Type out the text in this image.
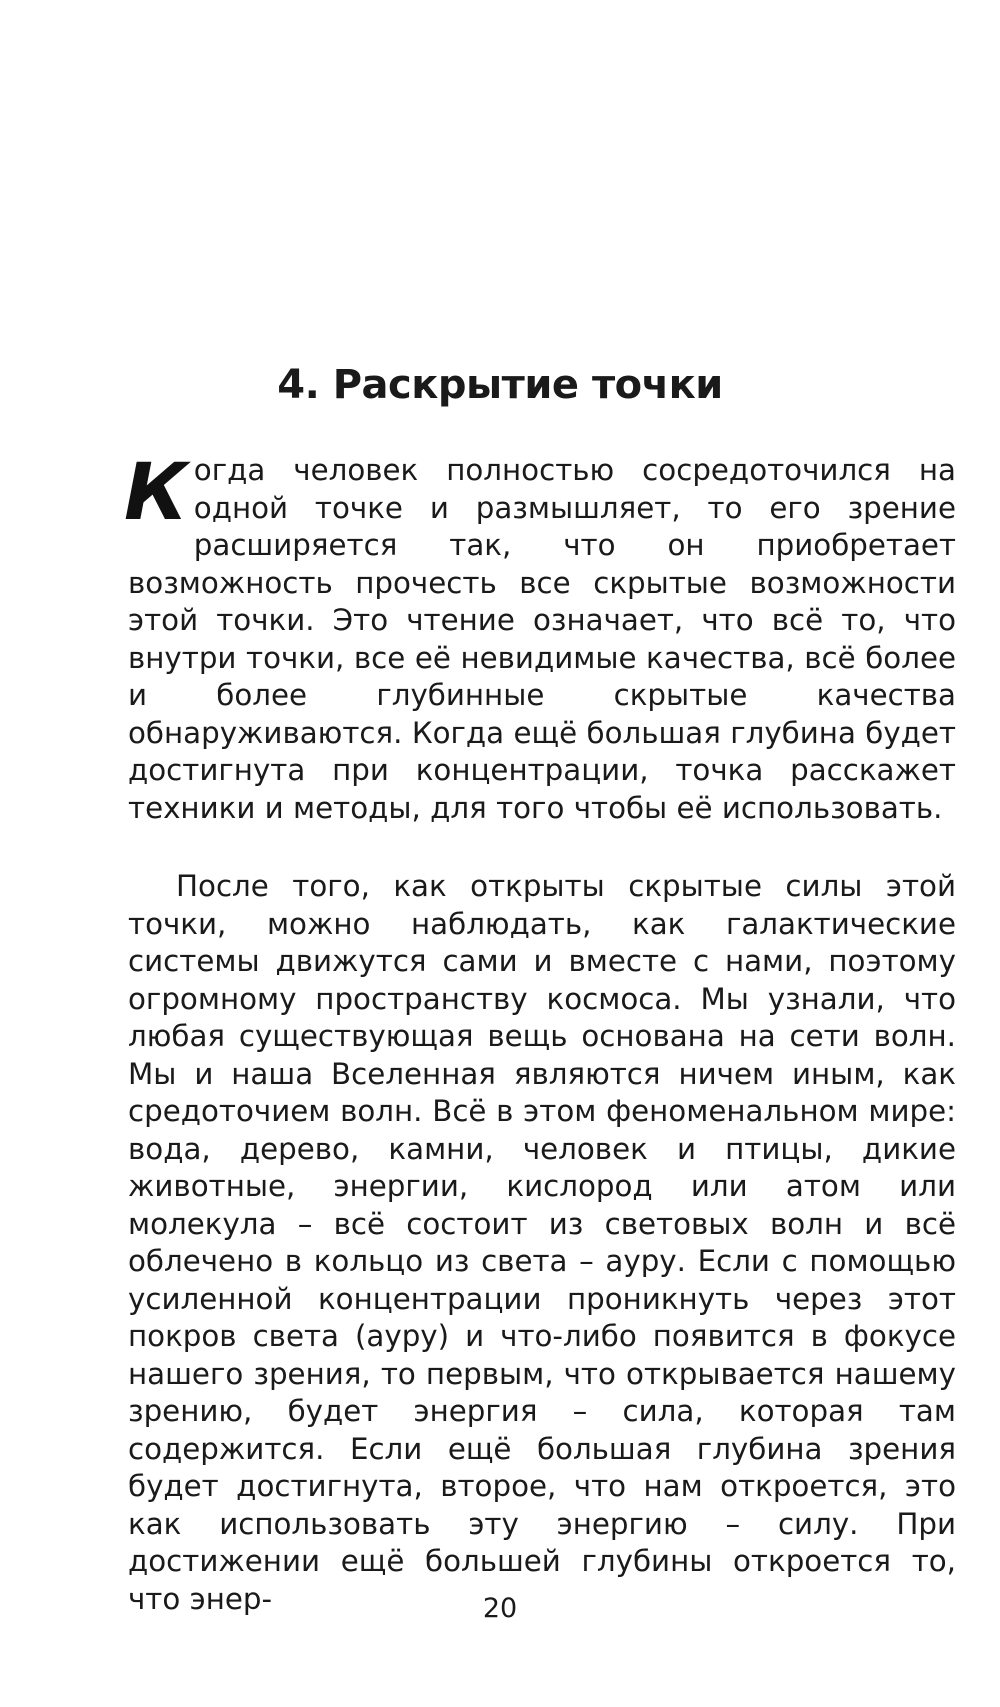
4. Раскрытие точки

Когда человек полностью сосредоточился на одной точке и размышляет, то его зрение расширяется так, что он приобретает возможность прочесть все скрытые возможности этой точки. Это чтение означает, что всё то, что внутри точки, все её невидимые качества, всё более и более глубинные скрытые качества обнаруживаются. Когда ещё большая глубина будет достигнута при концентрации, точка расскажет техники и методы, для того чтобы её использовать.

После того, как открыты скрытые силы этой точки, можно наблюдать, как галактические системы движутся сами и вместе с нами, поэтому огромному пространству космоса. Мы узнали, что любая существующая вещь основана на сети волн. Мы и наша Вселенная являются ничем иным, как средоточием волн. Всё в этом феноменальном мире: вода, дерево, камни, человек и птицы, дикие животные, энергии, кислород или атом или молекула – всё состоит из световых волн и всё облечено в кольцо из света – ауру. Если с помощью усиленной концентрации проникнуть через этот покров света (ауру) и что-либо появится в фокусе нашего зрения, то первым, что открывается нашему зрению, будет энергия – сила, которая там содержится. Если ещё большая глубина зрения будет достигнута, второе, что нам откроется, это как использовать эту энергию – силу. При достижении ещё большей глубины откроется то, что энер-	20
